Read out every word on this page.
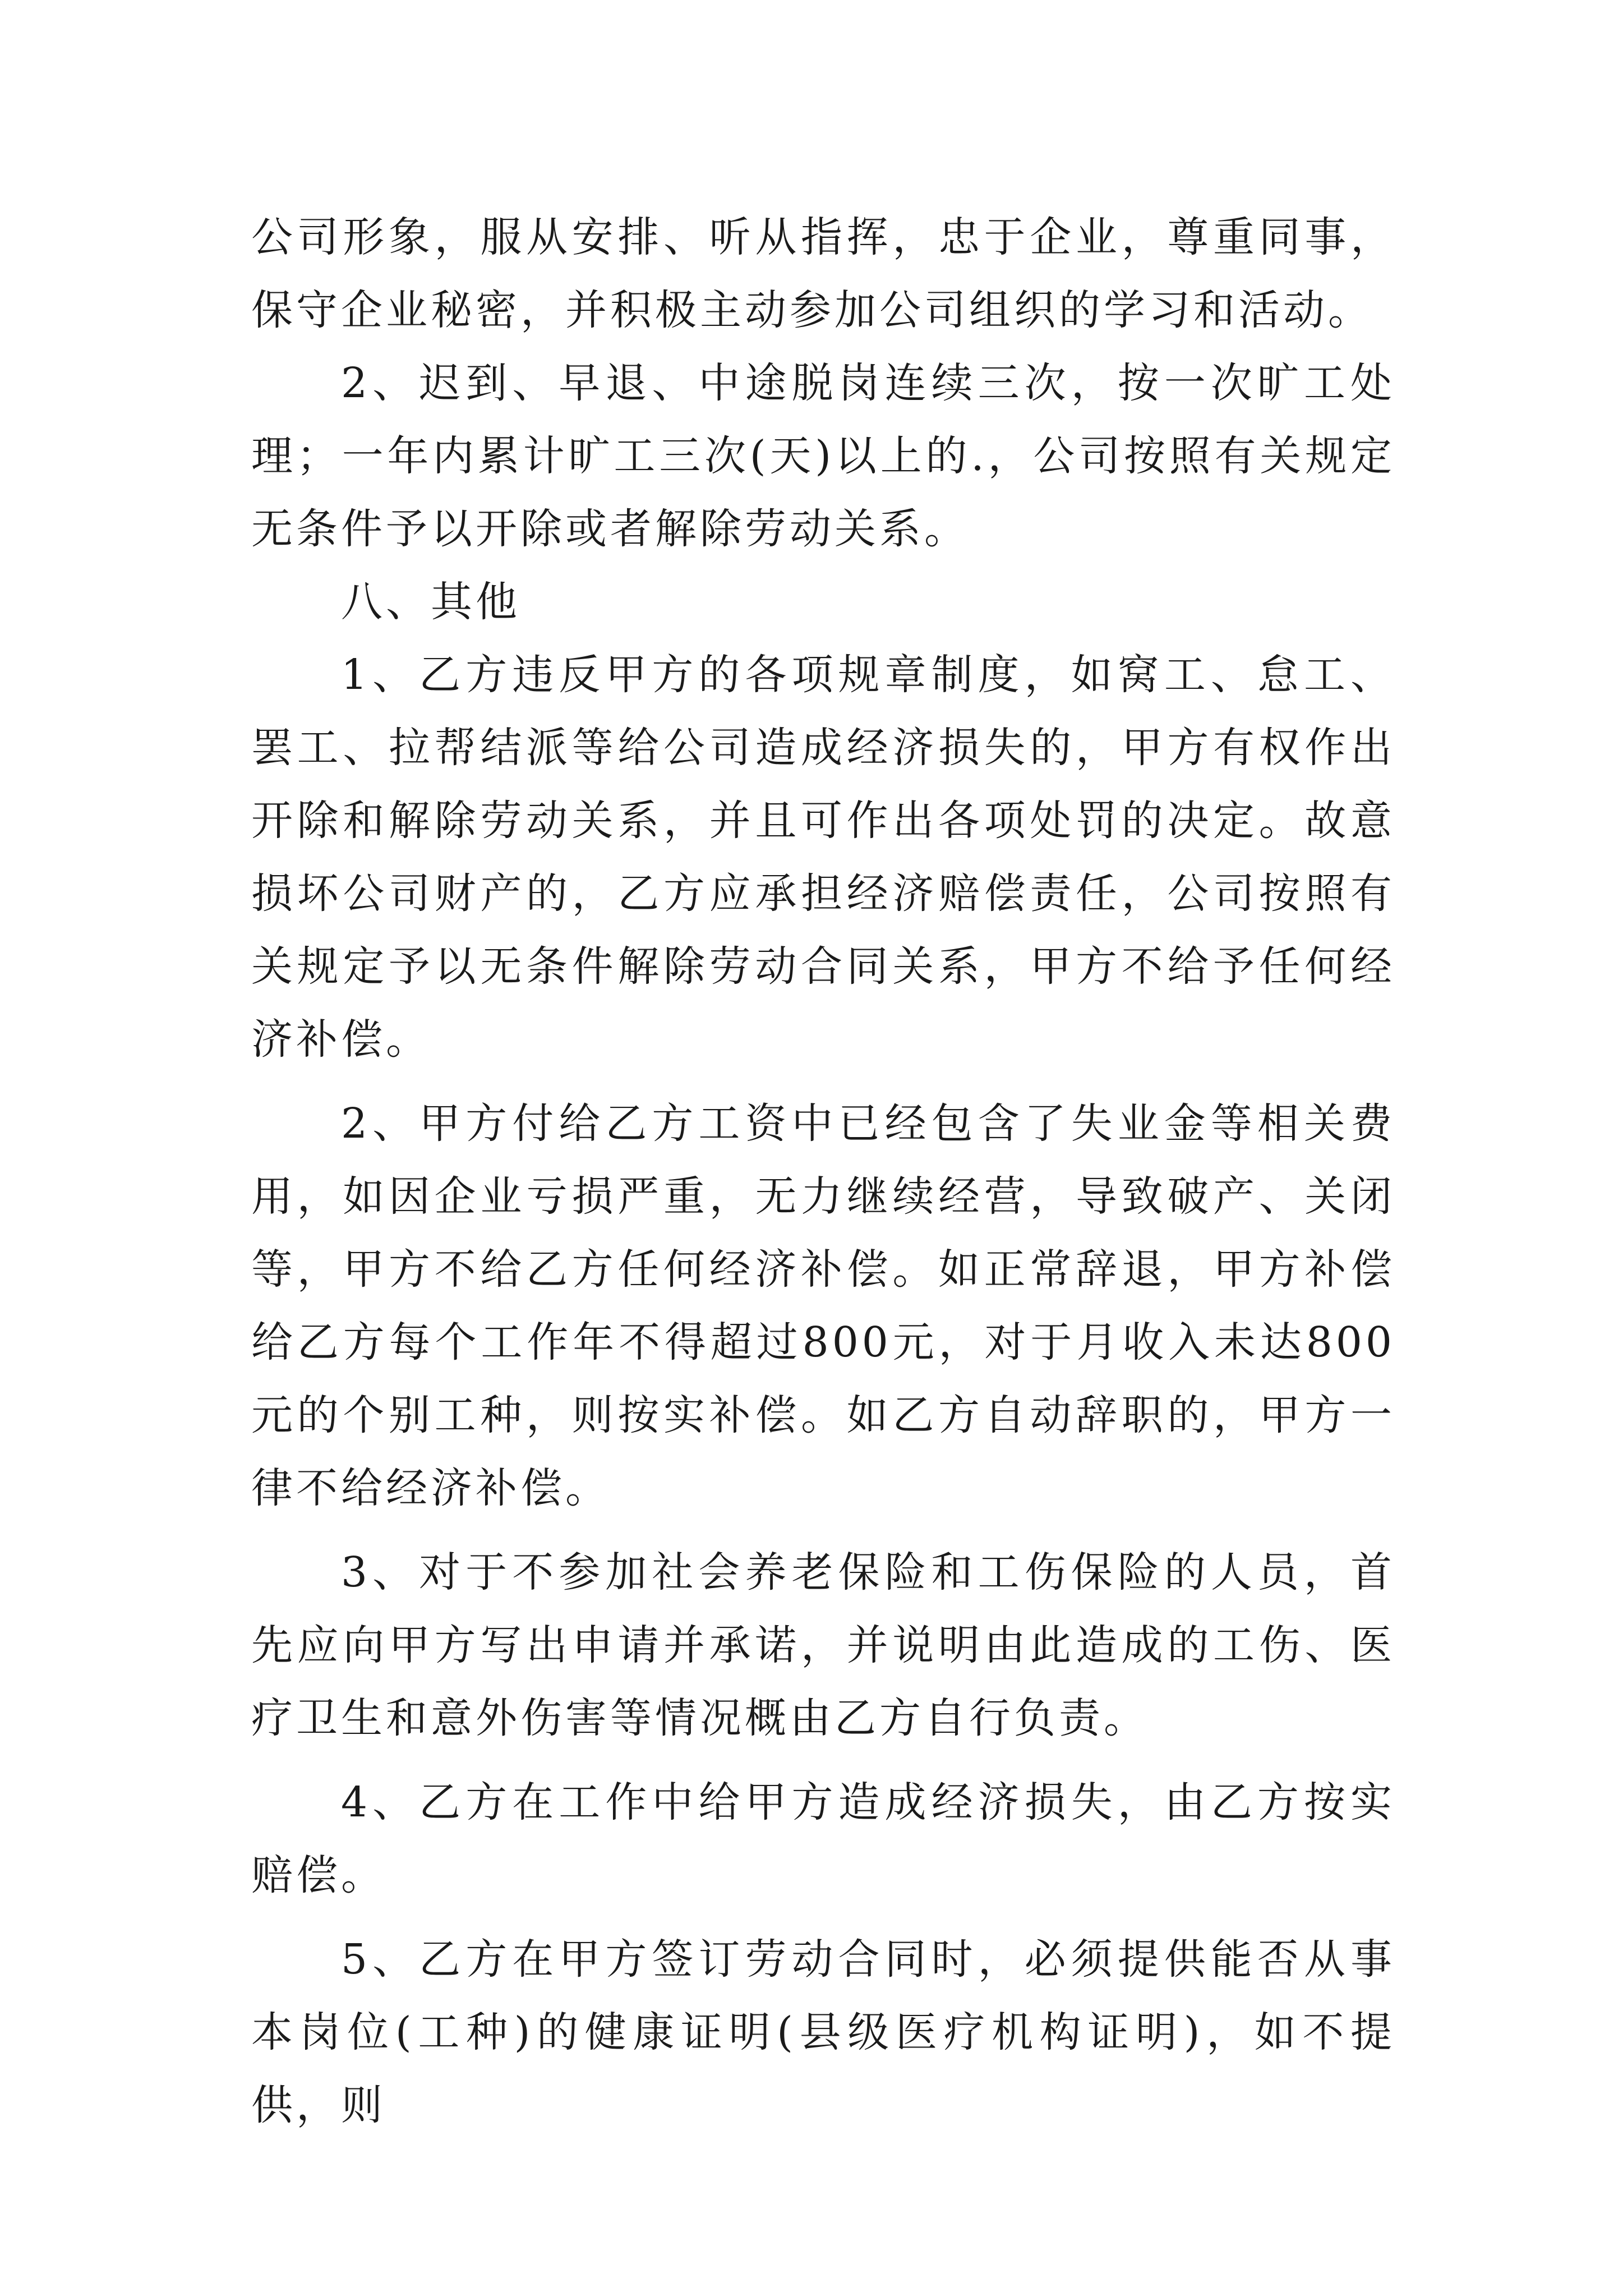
公司形象，服从安排、听从指挥，忠于企业，尊重同事，保守企业秘密，并积极主动参加公司组织的学习和活动。

2、迟到、早退、中途脱岗连续三次，按一次旷工处理；一年内累计旷工三次(天)以上的.，公司按照有关规定无条件予以开除或者解除劳动关系。

八、其他

1、乙方违反甲方的各项规章制度，如窝工、怠工、罢工、拉帮结派等给公司造成经济损失的，甲方有权作出开除和解除劳动关系，并且可作出各项处罚的决定。故意损坏公司财产的，乙方应承担经济赔偿责任，公司按照有关规定予以无条件解除劳动合同关系，甲方不给予任何经济补偿。

2、甲方付给乙方工资中已经包含了失业金等相关费用，如因企业亏损严重，无力继续经营，导致破产、关闭等，甲方不给乙方任何经济补偿。如正常辞退，甲方补偿给乙方每个工作年不得超过800元，对于月收入未达800元的个别工种，则按实补偿。如乙方自动辞职的，甲方一律不给经济补偿。

3、对于不参加社会养老保险和工伤保险的人员，首先应向甲方写出申请并承诺，并说明由此造成的工伤、医疗卫生和意外伤害等情况概由乙方自行负责。

4、乙方在工作中给甲方造成经济损失，由乙方按实赔偿。

5、乙方在甲方签订劳动合同时，必须提供能否从事本岗位(工种)的健康证明(县级医疗机构证明)，如不提供，则
